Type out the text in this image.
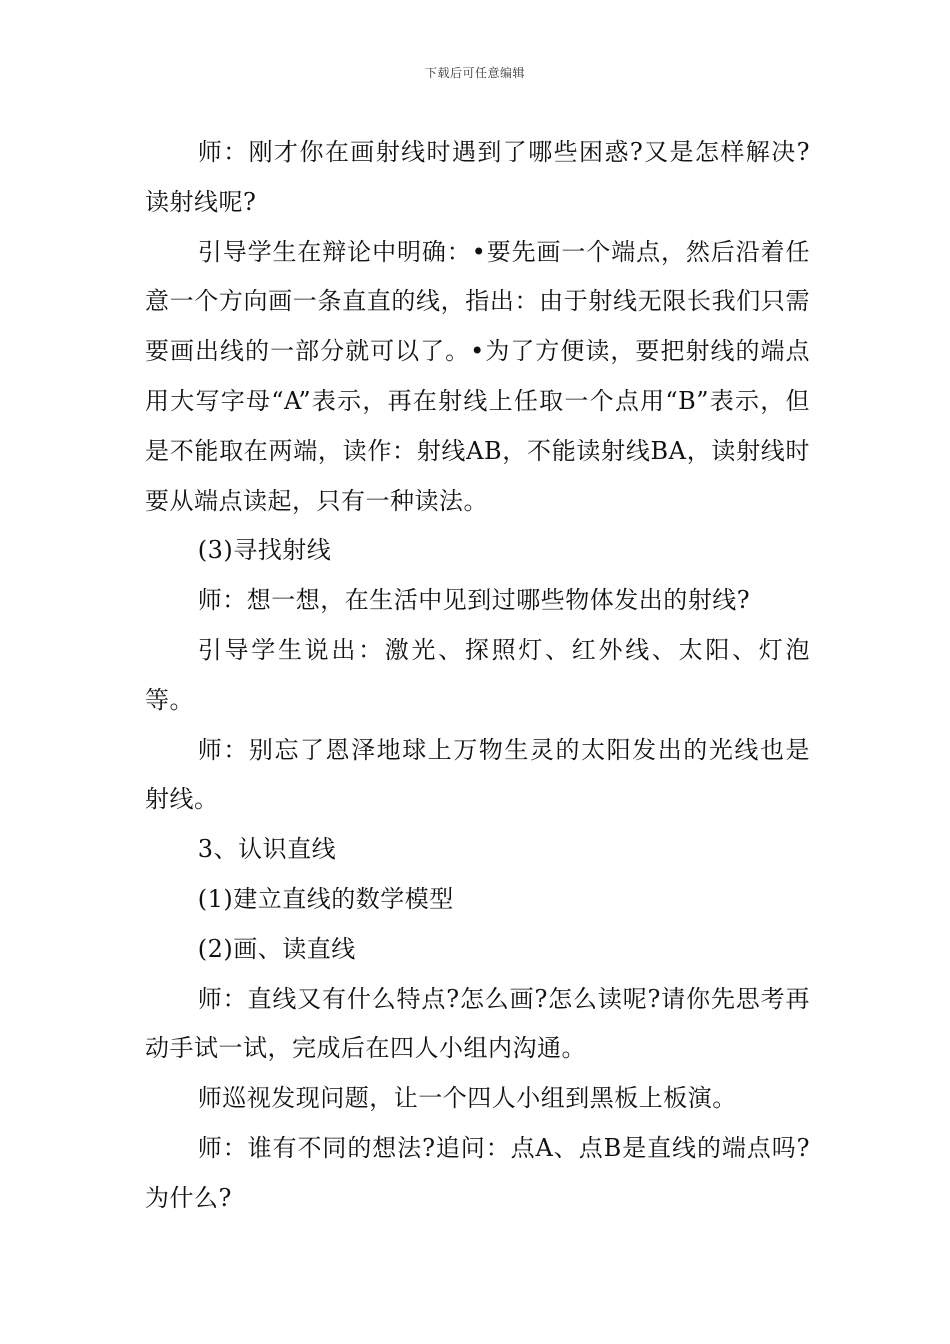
下载后可任意编辑

师：刚才你在画射线时遇到了哪些困惑?又是怎样解决?读射线呢?

引导学生在辩论中明确：•要先画一个端点，然后沿着任意一个方向画一条直直的线，指出：由于射线无限长我们只需要画出线的一部分就可以了。•为了方便读，要把射线的端点用大写字母“A”表示，再在射线上任取一个点用“B”表示，但是不能取在两端，读作：射线AB，不能读射线BA，读射线时要从端点读起，只有一种读法。

(3)寻找射线

师：想一想，在生活中见到过哪些物体发出的射线?

引导学生说出：激光、探照灯、红外线、太阳、灯泡等。

师：别忘了恩泽地球上万物生灵的太阳发出的光线也是射线。

3、认识直线

(1)建立直线的数学模型

(2)画、读直线

师：直线又有什么特点?怎么画?怎么读呢?请你先思考再动手试一试，完成后在四人小组内沟通。

师巡视发现问题，让一个四人小组到黑板上板演。

师：谁有不同的想法?追问：点A、点B是直线的端点吗?为什么?
